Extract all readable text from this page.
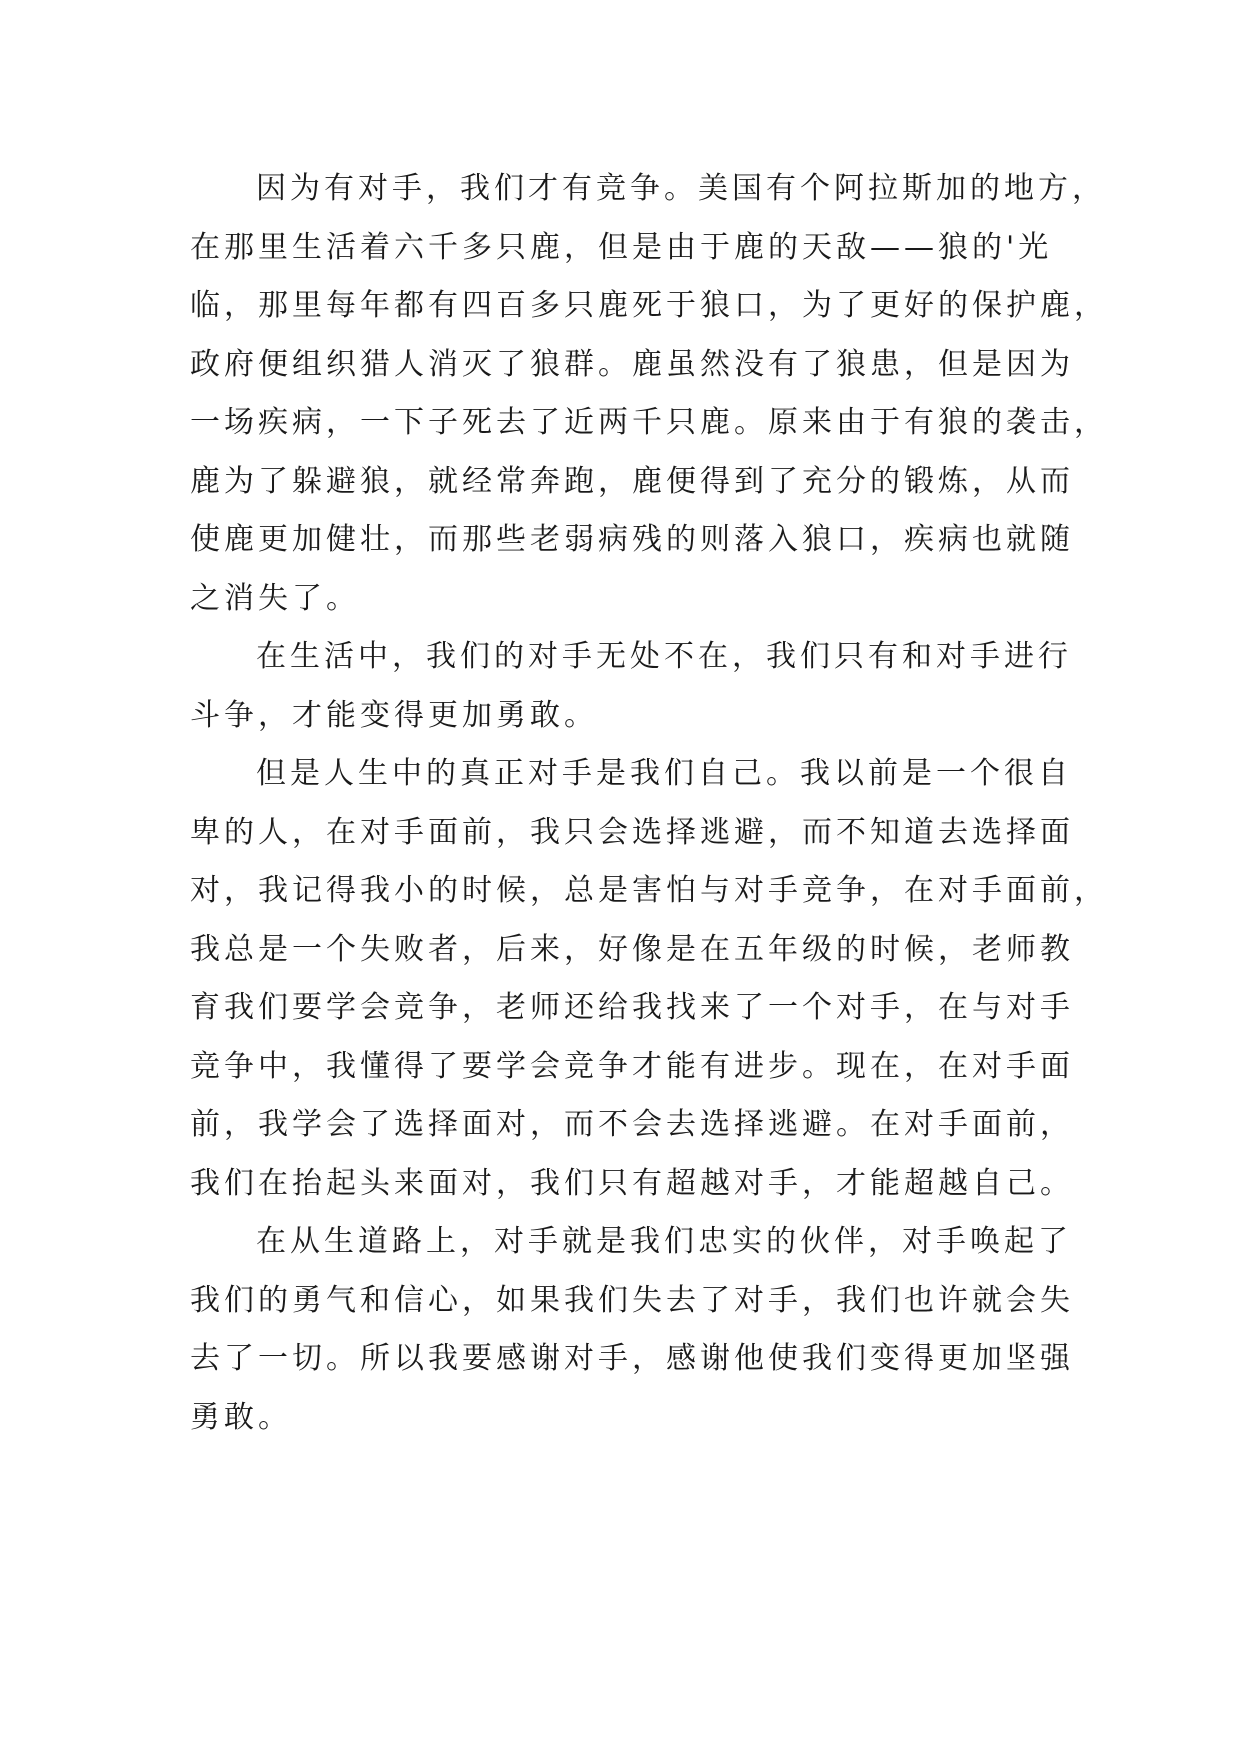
因为有对手，我们才有竞争。美国有个阿拉斯加的地方，
在那里生活着六千多只鹿，但是由于鹿的天敌——狼的'光
临，那里每年都有四百多只鹿死于狼口，为了更好的保护鹿，
政府便组织猎人消灭了狼群。鹿虽然没有了狼患，但是因为
一场疾病，一下子死去了近两千只鹿。原来由于有狼的袭击，
鹿为了躲避狼，就经常奔跑，鹿便得到了充分的锻炼，从而
使鹿更加健壮，而那些老弱病残的则落入狼口，疾病也就随
之消失了。
在生活中，我们的对手无处不在，我们只有和对手进行
斗争，才能变得更加勇敢。
但是人生中的真正对手是我们自己。我以前是一个很自
卑的人，在对手面前，我只会选择逃避，而不知道去选择面
对，我记得我小的时候，总是害怕与对手竞争，在对手面前，
我总是一个失败者，后来，好像是在五年级的时候，老师教
育我们要学会竞争，老师还给我找来了一个对手，在与对手
竞争中，我懂得了要学会竞争才能有进步。现在，在对手面
前，我学会了选择面对，而不会去选择逃避。在对手面前，
我们在抬起头来面对，我们只有超越对手，才能超越自己。
在从生道路上，对手就是我们忠实的伙伴，对手唤起了
我们的勇气和信心，如果我们失去了对手，我们也许就会失
去了一切。所以我要感谢对手，感谢他使我们变得更加坚强
勇敢。
